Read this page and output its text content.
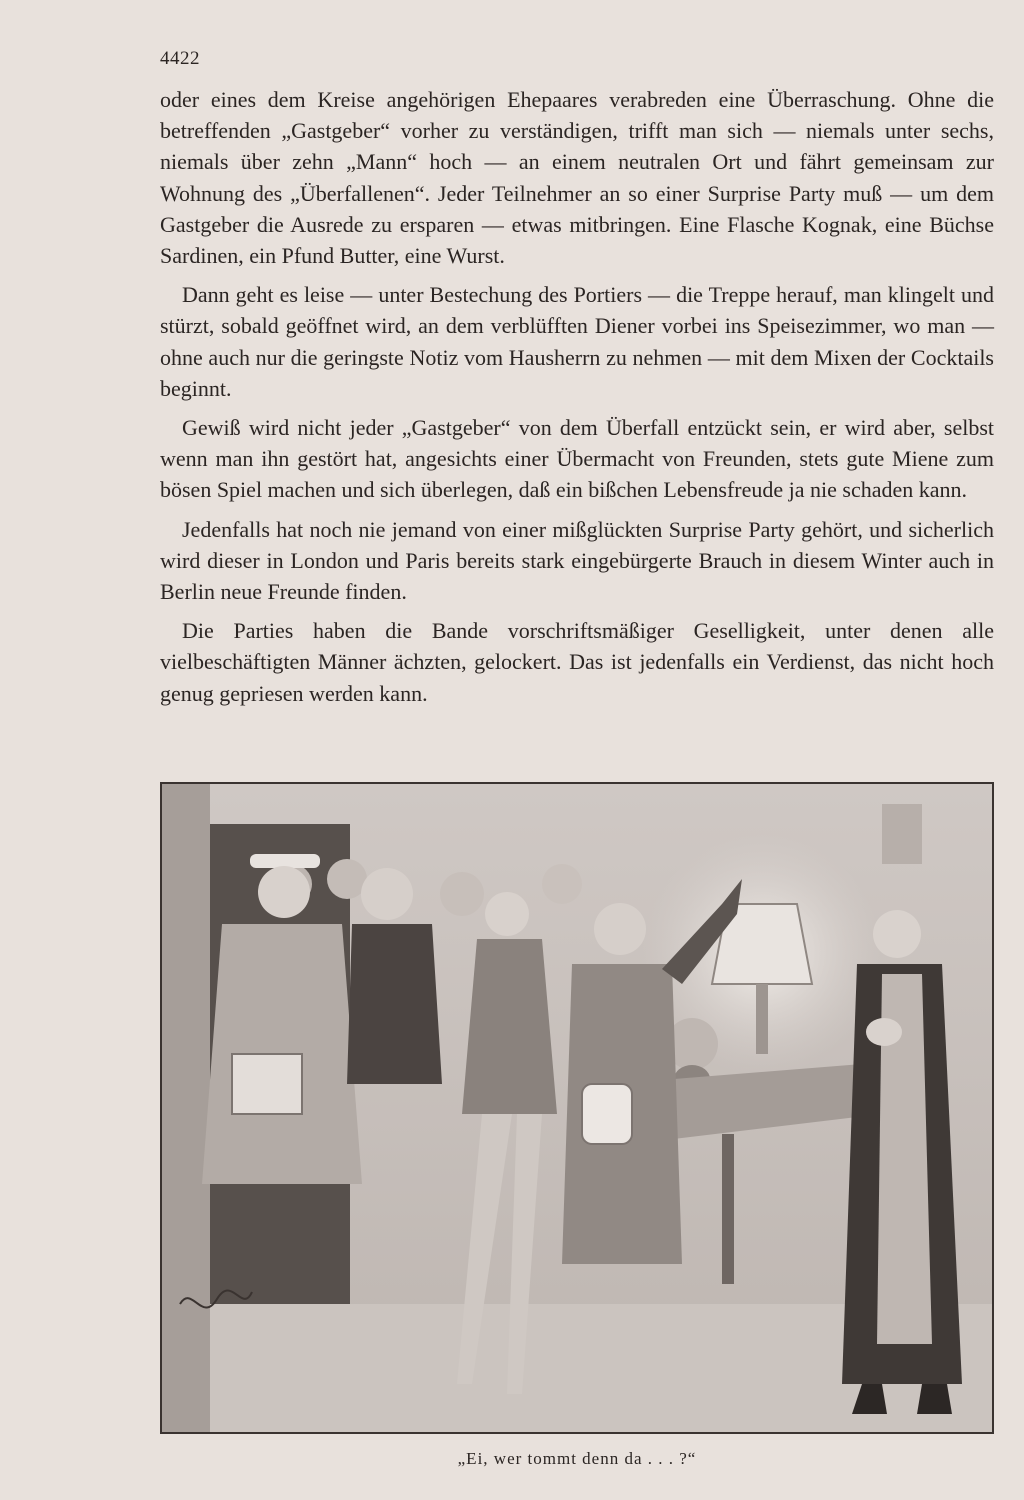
4422

oder eines dem Kreise angehörigen Ehepaares verabreden eine Überraschung. Ohne die betreffenden „Gastgeber“ vorher zu verständigen, trifft man sich — niemals unter sechs, niemals über zehn „Mann“ hoch — an einem neutralen Ort und fährt gemeinsam zur Wohnung des „Überfallenen“. Jeder Teilnehmer an so einer Surprise Party muß — um dem Gastgeber die Ausrede zu ersparen — etwas mitbringen. Eine Flasche Kognak, eine Büchse Sardinen, ein Pfund Butter, eine Wurst.

Dann geht es leise — unter Bestechung des Portiers — die Treppe herauf, man klingelt und stürzt, sobald geöffnet wird, an dem verblüfften Diener vorbei ins Speisezimmer, wo man — ohne auch nur die geringste Notiz vom Hausherrn zu nehmen — mit dem Mixen der Cocktails beginnt.

Gewiß wird nicht jeder „Gastgeber“ von dem Überfall entzückt sein, er wird aber, selbst wenn man ihn gestört hat, angesichts einer Übermacht von Freunden, stets gute Miene zum bösen Spiel machen und sich überlegen, daß ein bißchen Lebensfreude ja nie schaden kann.

Jedenfalls hat noch nie jemand von einer mißglückten Surprise Party gehört, und sicherlich wird dieser in London und Paris bereits stark eingebürgerte Brauch in diesem Winter auch in Berlin neue Freunde finden.

Die Parties haben die Bande vorschriftsmäßiger Geselligkeit, unter denen alle vielbeschäftigten Männer ächzten, gelockert. Das ist jedenfalls ein Verdienst, das nicht hoch genug gepriesen werden kann.

„Ei, wer tommt denn da . . . ?“
